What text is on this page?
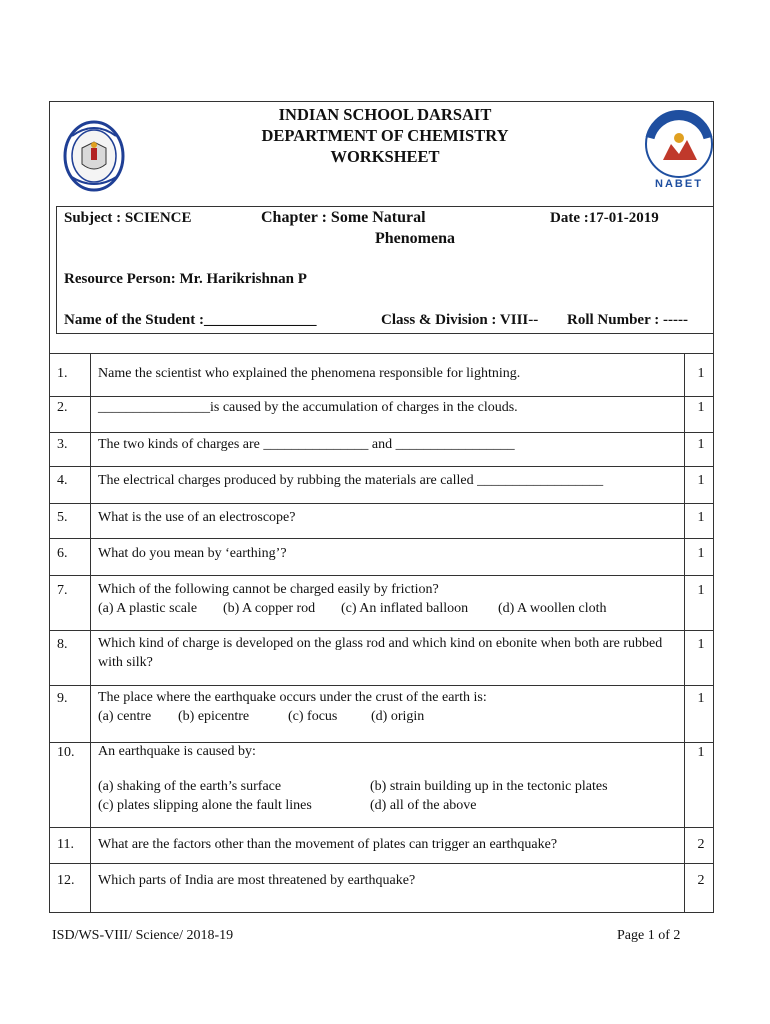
NABET
INDIAN SCHOOL DARSAIT
DEPARTMENT OF CHEMISTRY
WORKSHEET
Subject : SCIENCE	Chapter : Some Natural
Phenomena
Date :17-01-2019
Resource Person: Mr. Harikrishnan P
Name of the Student :_______________	Class & Division : VIII-- Roll Number : -----
1. Name the scientist who explained the phenomena responsible for lightning.	1
2. ________________is caused by the accumulation of charges in the clouds.	1
3. The two kinds of charges are _______________ and _________________	1
4. The electrical charges produced by rubbing the materials are called __________________	1
5. What is the use of an electroscope?	1
6. What do you mean by ‘earthing’?	1
7. Which of the following cannot be charged easily by friction?
(a) A plastic scale (b) A copper rod (c) An inflated balloon (d) A woollen cloth
1
8. Which kind of charge is developed on the glass rod and which kind on ebonite when both are rubbed with silk?
1
9. The place where the earthquake occurs under the crust of the earth is:
(a) centre (b) epicentre	(c) focus (d) origin
1
10. An earthquake is caused by:
(a) shaking of the earth’s surface	(b) strain building up in the tectonic plates
(c) plates slipping alone the fault lines	(d) all of the above
1
11. What are the factors other than the movement of plates can trigger an earthquake?	2
12. Which parts of India are most threatened by earthquake?	2
ISD/WS-VIII/ Science/ 2018-19	Page 1 of 2
